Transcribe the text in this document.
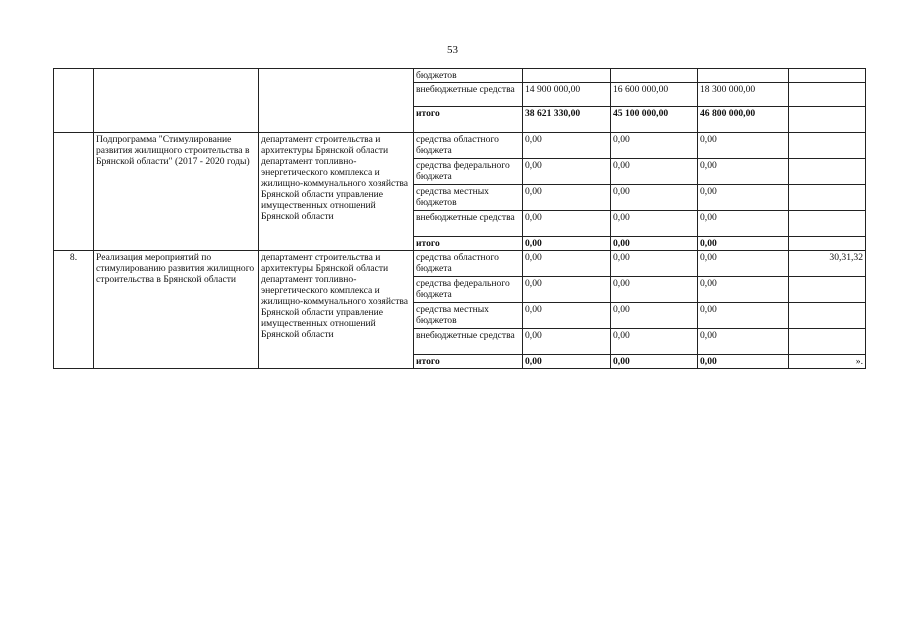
53
			бюджетов				
			внебюджетные средства	14 900 000,00	16 600 000,00	18 300 000,00	
			итого	38 621 330,00	45 100 000,00	46 800 000,00	
	Подпрограмма "Стимулирование развития жилищного строительства в Брянской области" (2017 - 2020 годы)	департамент строительства и архитектуры Брянской области департамент топливно-энергетического комплекса и жилищно-коммунального хозяйства Брянской области управление имущественных отношений Брянской области	средства областного бюджета	0,00	0,00	0,00	
			средства федерального бюджета	0,00	0,00	0,00	
			средства местных бюджетов	0,00	0,00	0,00	
			внебюджетные средства	0,00	0,00	0,00	
			итого	0,00	0,00	0,00	
8.	Реализация мероприятий по стимулированию развития жилищного строительства в Брянской области	департамент строительства и архитектуры Брянской области департамент топливно-энергетического комплекса и жилищно-коммунального хозяйства Брянской области управление имущественных отношений Брянской области	средства областного бюджета	0,00	0,00	0,00	30,31,32
			средства федерального бюджета	0,00	0,00	0,00	
			средства местных бюджетов	0,00	0,00	0,00	
			внебюджетные средства	0,00	0,00	0,00	
			итого	0,00	0,00	0,00	».
